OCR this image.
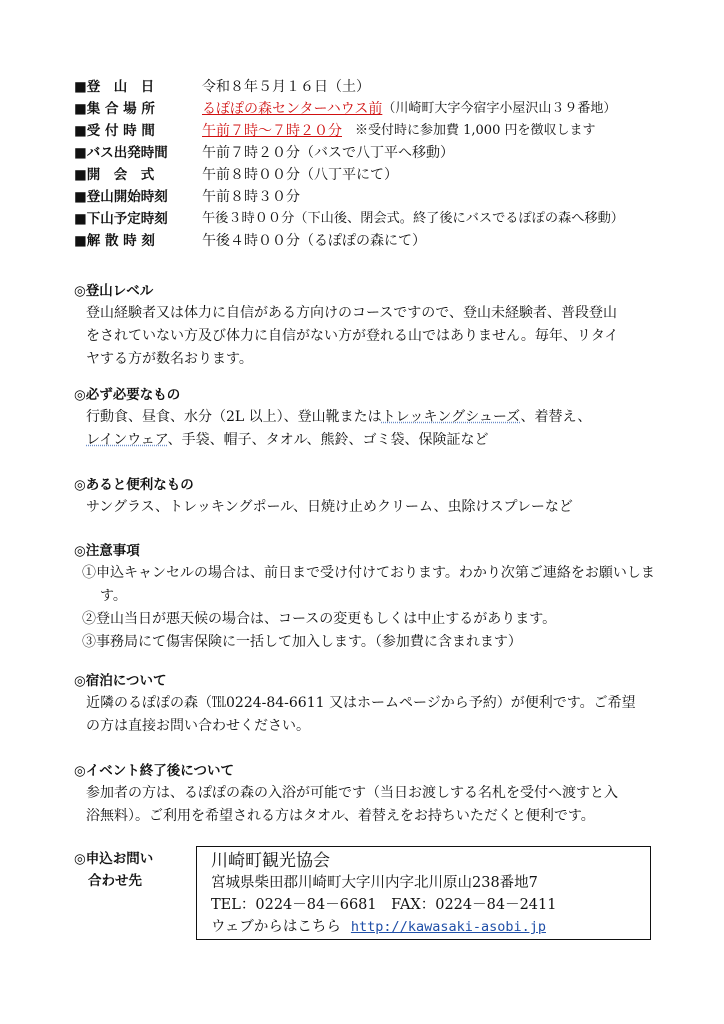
■登　山　日	令和８年５月１６日（土）
■集 合 場 所	るぽぽの森センターハウス前 （川崎町大字今宿字小屋沢山３９番地）
■受 付 時 間	午前７時～７時２０分 　※受付時に参加費 1,000 円を徴収します
■バス出発時間	午前７時２０分（バスで八丁平へ移動）
■開　会　式	午前８時００分（八丁平にて）
■登山開始時刻	午前８時３０分
■下山予定時刻	午後３時００分（下山後、閉会式。終了後にバスでるぽぽの森へ移動）
■解 散 時 刻	午後４時００分（るぽぽの森にて）
◎登山レベル
登山経験者又は体力に自信がある方向けのコースですので、登山未経験者、普段登山
をされていない方及び体力に自信がない方が登れる山ではありません。毎年、リタイ
ヤする方が数名おります。
◎必ず必要なもの
行動食、昼食、水分（2L 以上）、登山靴またはトレッキングシューズ、着替え、
レインウェア、手袋、帽子、タオル、熊鈴、ゴミ袋、保険証など
◎あると便利なもの
サングラス、トレッキングポール、日焼け止めクリーム、虫除けスプレーなど
◎注意事項
①申込キャンセルの場合は、前日まで受け付けております。わかり次第ご連絡をお願いします。
②登山当日が悪天候の場合は、コースの変更もしくは中止するがあります。
③事務局にて傷害保険に一括して加入します。（参加費に含まれます）
◎宿泊について
近隣のるぽぽの森（℡0224-84-6611 又はホームページから予約）が便利です。ご希望
の方は直接お問い合わせください。
◎イベント終了後について
参加者の方は、るぽぽの森の入浴が可能です（当日お渡しする名札を受付へ渡すと入
浴無料）。ご利用を希望される方はタオル、着替えをお持ちいただくと便利です。
◎申込お問い
合わせ先
川崎町観光協会
宮城県柴田郡川崎町大字川内字北川原山238番地7
TEL：0224－84－6681　FAX：0224－84－2411
ウェブからはこちら http://kawasaki-asobi.jp
